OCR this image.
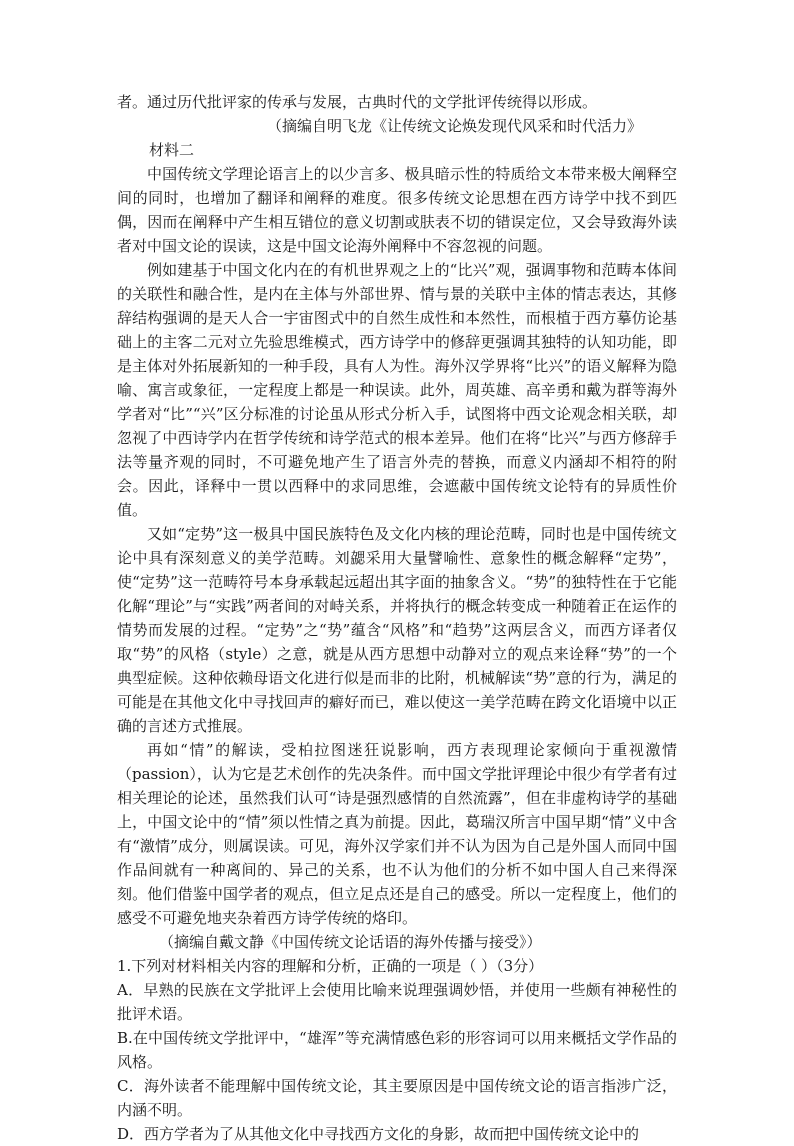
者。通过历代批评家的传承与发展，古典时代的文学批评传统得以形成。

（摘编自明飞龙《让传统文论焕发现代风采和时代活力》

材料二

中国传统文学理论语言上的以少言多、极具暗示性的特质给文本带来极大阐释空间的同时，也增加了翻译和阐释的难度。很多传统文论思想在西方诗学中找不到匹偶，因而在阐释中产生相互错位的意义切割或肤表不切的错误定位，又会导致海外读者对中国文论的误读，这是中国文论海外阐释中不容忽视的问题。

例如建基于中国文化内在的有机世界观之上的“比兴”观，强调事物和范畴本体间的关联性和融合性，是内在主体与外部世界、情与景的关联中主体的情志表达，其修辞结构强调的是天人合一宇宙图式中的自然生成性和本然性，而根植于西方摹仿论基础上的主客二元对立先验思维模式，西方诗学中的修辞更强调其独特的认知功能，即是主体对外拓展新知的一种手段，具有人为性。海外汉学界将“比兴”的语义解释为隐喻、寓言或象征，一定程度上都是一种误读。此外，周英雄、高辛勇和戴为群等海外学者对“比”“兴”区分标准的讨论虽从形式分析入手，试图将中西文论观念相关联，却忽视了中西诗学内在哲学传统和诗学范式的根本差异。他们在将“比兴”与西方修辞手法等量齐观的同时，不可避免地产生了语言外壳的替换，而意义内涵却不相符的附会。因此，译释中一贯以西释中的求同思维，会遮蔽中国传统文论特有的异质性价值。

又如“定势”这一极具中国民族特色及文化内核的理论范畴，同时也是中国传统文论中具有深刻意义的美学范畴。刘勰采用大量譬喻性、意象性的概念解释“定势”，使“定势”这一范畴符号本身承载起远超出其字面的抽象含义。“势”的独特性在于它能化解“理论”与“实践”两者间的对峙关系，并将执行的概念转变成一种随着正在运作的情势而发展的过程。“定势”之“势”蕴含“风格”和“趋势”这两层含义，而西方译者仅取“势”的风格（style）之意，就是从西方思想中动静对立的观点来诠释“势”的一个典型症候。这种依赖母语文化进行似是而非的比附，机械解读“势”意的行为，满足的可能是在其他文化中寻找回声的癖好而已，难以使这一美学范畴在跨文化语境中以正确的言述方式推展。

再如“情”的解读，受柏拉图迷狂说影响，西方表现理论家倾向于重视激情（passion），认为它是艺术创作的先决条件。而中国文学批评理论中很少有学者有过相关理论的论述，虽然我们认可“诗是强烈感情的自然流露”，但在非虚构诗学的基础上，中国文论中的“情”须以性情之真为前提。因此，葛瑞汉所言中国早期“情”义中含有“激情”成分，则属误读。可见，海外汉学家们并不认为因为自己是外国人而同中国作品间就有一种离间的、异己的关系，也不认为他们的分析不如中国人自己来得深刻。他们借鉴中国学者的观点，但立足点还是自己的感受。所以一定程度上，他们的感受不可避免地夹杂着西方诗学传统的烙印。

（摘编自戴文静《中国传统文论话语的海外传播与接受》）

1.下列对材料相关内容的理解和分析，正确的一项是（ ）（3分）

A．早熟的民族在文学批评上会使用比喻来说理强调妙悟，并使用一些颇有神秘性的批评术语。

B.在中国传统文学批评中，“雄浑”等充满情感色彩的形容词可以用来概括文学作品的风格。

C．海外读者不能理解中国传统文论，其主要原因是中国传统文论的语言指涉广泛，内涵不明。

D．西方学者为了从其他文化中寻找西方文化的身影，故而把中国传统文论中的
